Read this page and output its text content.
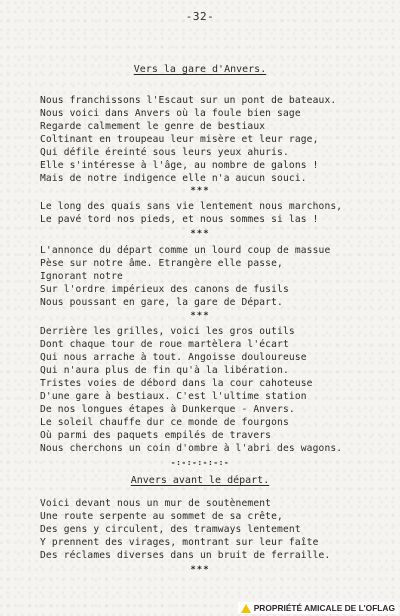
-32-
Vers la gare d'Anvers.
Nous franchissons l'Escaut sur un pont de bateaux.
Nous voici dans Anvers où la foule bien sage
Regarde calmement le genre de bestiaux
Coltinant en troupeau leur misère et leur rage,
Qui défile éreinté sous leurs yeux ahuris.
Elle s'intéresse à l'âge, au nombre de galons !
Mais de notre indigence elle n'a aucun souci.
***
Le long des quais sans vie lentement nous marchons,
Le pavé tord nos pieds, et nous sommes si las !
***
L'annonce du départ comme un lourd coup de massue
Pèse sur notre âme. Etrangère elle passe,
Ignorant notre
Sur l'ordre impérieux des canons de fusils
Nous poussant en gare, la gare de Départ.
***
Derrière les grilles, voici les gros outils
Dont chaque tour de roue martèlera l'écart
Qui nous arrache à tout. Angoisse douloureuse
Qui n'aura plus de fin qu'à la libération.
Tristes voies de débord dans la cour cahoteuse
D'une gare à bestiaux. C'est l'ultime station
De nos longues étapes à Dunkerque - Anvers.
Le soleil chauffe dur ce monde de fourgons
Où parmi des paquets empilés de travers
Nous cherchons un coin d'ombre à l'abri des wagons.
-:-:-:-:-:-
Anvers avant le départ.
Voici devant nous un mur de soutènement
Une route serpente au sommet de sa crête,
Des gens y circulent, des tramways lentement
Y prennent des virages, montrant sur leur faîte
Des réclames diverses dans un bruit de ferraille.
***
PROPRIÉTÉ AMICALE DE L'OFLAG
